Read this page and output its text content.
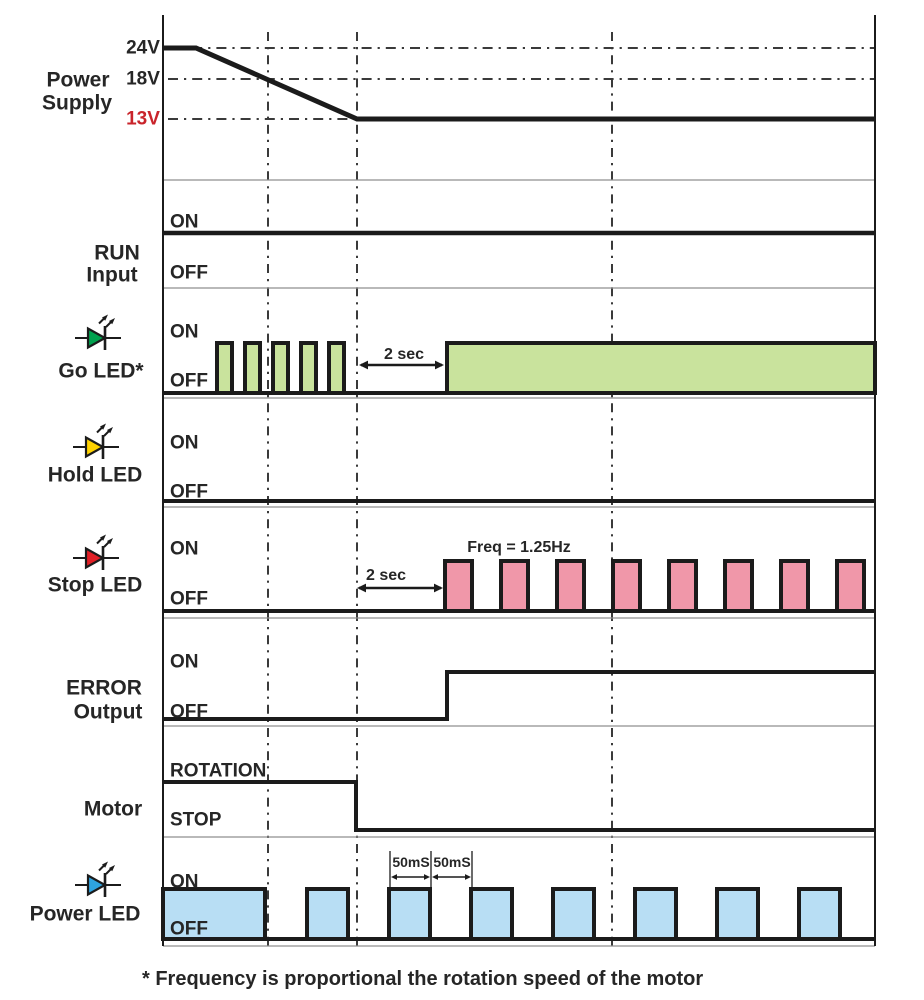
Power
Supply
24V
18V
13V
RUN
Input
ON
OFF
Go LED*
ON
OFF
2 sec
Hold LED
ON
OFF
Stop LED
ON
OFF
2 sec
Freq = 1.25Hz
ERROR
Output
ON
OFF
Motor
ROTATION
STOP
Power LED
ON
OFF
50mS 50mS
* Frequency is proportional the rotation speed of the motor
